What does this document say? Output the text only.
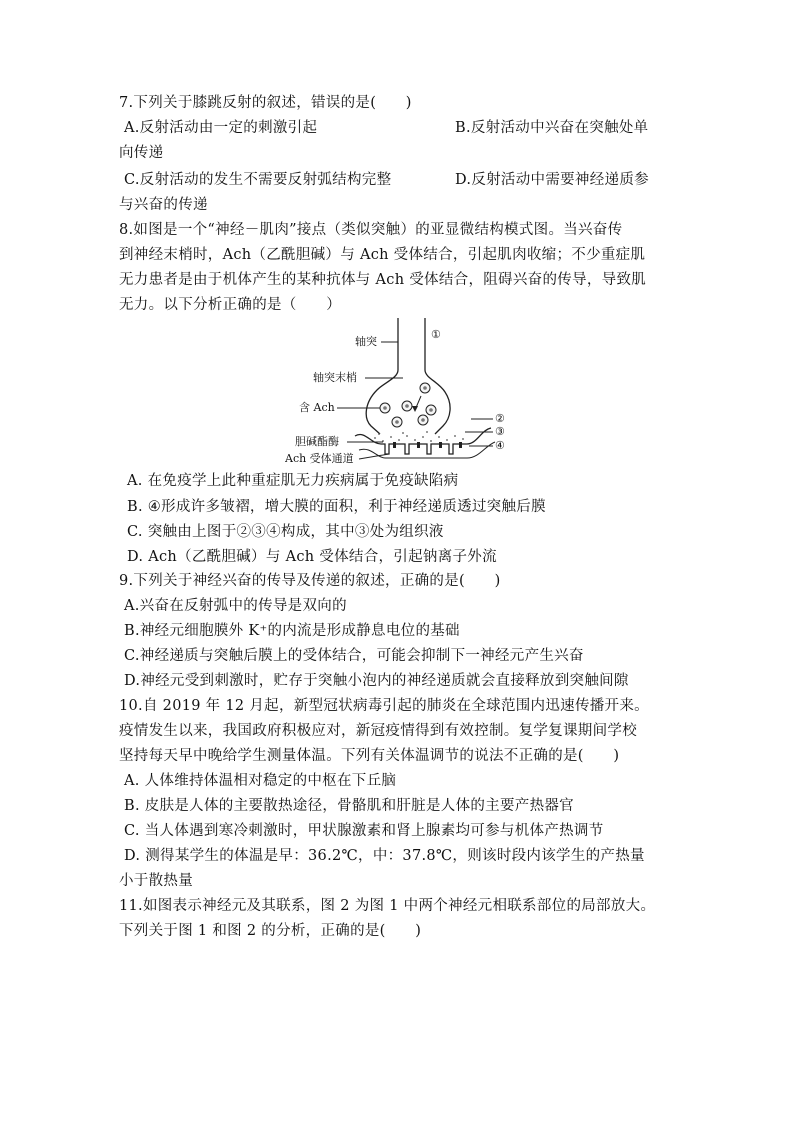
7.下列关于膝跳反射的叙述，错误的是(　　)
A.反射活动由一定的刺激引起	B.反射活动中兴奋在突触处单
向传递
C.反射活动的发生不需要反射弧结构完整	D.反射活动中需要神经递质参
与兴奋的传递
8.如图是一个“神经－肌肉”接点（类似突触）的亚显微结构模式图。当兴奋传
到神经末梢时，Ach（乙酰胆碱）与 Ach 受体结合，引起肌肉收缩；不少重症肌
无力患者是由于机体产生的某种抗体与 Ach 受体结合，阻碍兴奋的传导，导致肌
无力。以下分析正确的是（　　）
轴突
轴突末梢
含 Ach
胆碱酯酶
Ach 受体通道
①
②
③
④
A. 在免疫学上此种重症肌无力疾病属于免疫缺陷病
B. ④形成许多皱褶，增大膜的面积，利于神经递质透过突触后膜
C. 突触由上图于②③④构成，其中③处为组织液
D. Ach（乙酰胆碱）与 Ach 受体结合，引起钠离子外流
9.下列关于神经兴奋的传导及传递的叙述，正确的是(　　)
A.兴奋在反射弧中的传导是双向的
B.神经元细胞膜外 K⁺的内流是形成静息电位的基础
C.神经递质与突触后膜上的受体结合，可能会抑制下一神经元产生兴奋
D.神经元受到刺激时，贮存于突触小泡内的神经递质就会直接释放到突触间隙
10.自 2019 年 12 月起，新型冠状病毒引起的肺炎在全球范围内迅速传播开来。
疫情发生以来，我国政府积极应对，新冠疫情得到有效控制。复学复课期间学校
坚持每天早中晚给学生测量体温。下列有关体温调节的说法不正确的是(　　)
A. 人体维持体温相对稳定的中枢在下丘脑
B. 皮肤是人体的主要散热途径，骨骼肌和肝脏是人体的主要产热器官
C. 当人体遇到寒冷刺激时，甲状腺激素和肾上腺素均可参与机体产热调节
D. 测得某学生的体温是早：36.2℃，中：37.8℃，则该时段内该学生的产热量
小于散热量
11.如图表示神经元及其联系，图 2 为图 1 中两个神经元相联系部位的局部放大。
下列关于图 1 和图 2 的分析，正确的是(　　)
